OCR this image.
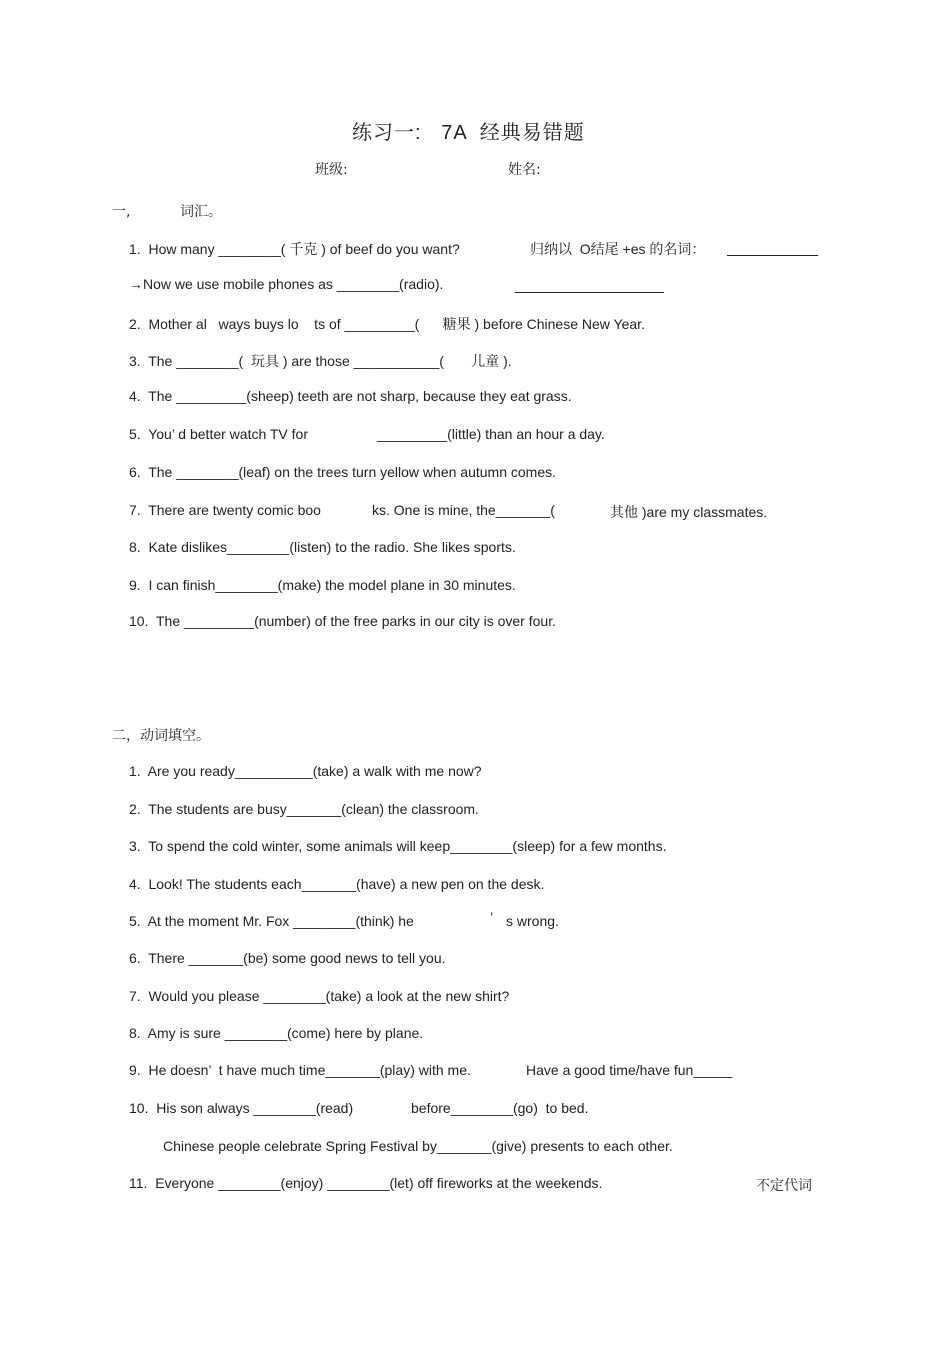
练习一:   7A  经典易错题
班级:	姓名:
一,	词汇。
1.  How many ________( 千克 ) of beef do you want?	归纳以  O结尾 +es 的名词：
→Now we use mobile phones as ________(radio).
2.  Mother al   ways buys lo    ts of _________(      糖果 ) before Chinese New Year.
3.  The ________(  玩具 ) are those ___________(       儿童 ).
4.  The _________(sheep) teeth are not sharp, because they eat grass.
5.  You’ d better watch TV for	_________(little) than an hour a day.
6.  The ________(leaf) on the trees turn yellow when autumn comes.
7.  There are twenty comic boo	ks. One is mine, the_______(	其他 )are my classmates.
8.  Kate dislikes________(listen) to the radio. She likes sports.
9.  I can finish________(make) the model plane in 30 minutes.
10.  The _________(number) of the free parks in our city is over four.
二，动词填空。
1.  Are you ready__________(take) a walk with me now?
2.  The students are busy_______(clean) the classroom.
3.  To spend the cold winter, some animals will keep________(sleep) for a few months.
4.  Look! The students each_______(have) a new pen on the desk.
5.  At the moment Mr. Fox ________(think) he	’ s wrong.
6.  There _______(be) some good news to tell you.
7.  Would you please ________(take) a look at the new shirt?
8.  Amy is sure ________(come) here by plane.
9.  He doesn’  t have much time_______(play) with me.	Have a good time/have fun_____
10.  His son always ________(read)	before________(go)  to bed.
Chinese people celebrate Spring Festival by_______(give) presents to each other.
11.  Everyone ________(enjoy) ________(let) off fireworks at the weekends.	不定代词
